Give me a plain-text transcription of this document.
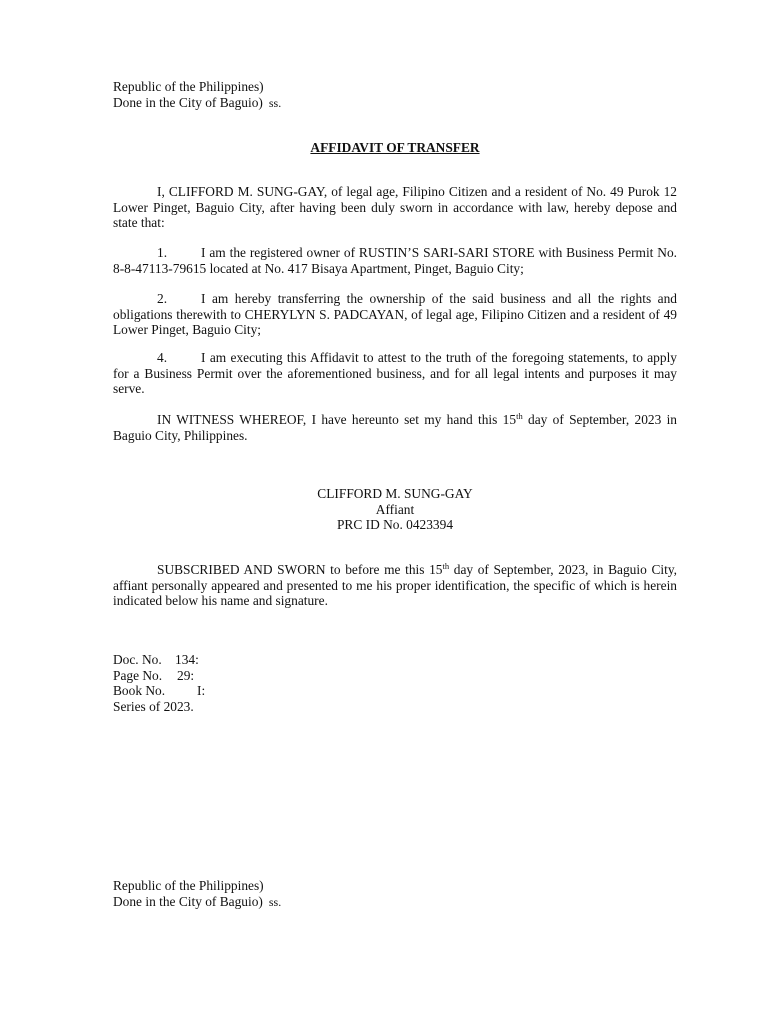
Republic of the Philippines)
Done in the City of Baguio) ss.
AFFIDAVIT OF TRANSFER
I, CLIFFORD M. SUNG-GAY, of legal age, Filipino Citizen and a resident of No. 49 Purok 12 Lower Pinget, Baguio City, after having been duly sworn in accordance with law, hereby depose and state that:
1.	I am the registered owner of RUSTIN’S SARI-SARI STORE with Business Permit No. 8-8-47113-79615 located at No. 417 Bisaya Apartment, Pinget, Baguio City;
2.	I am hereby transferring the ownership of the said business and all the rights and obligations therewith to CHERYLYN S. PADCAYAN, of legal age, Filipino Citizen and a resident of 49 Lower Pinget, Baguio City;
4.	I am executing this Affidavit to attest to the truth of the foregoing statements, to apply for a Business Permit over the aforementioned business, and for all legal intents and purposes it may serve.
IN WITNESS WHEREOF, I have hereunto set my hand this 15th day of September, 2023 in Baguio City, Philippines.
CLIFFORD M. SUNG-GAY
Affiant
PRC ID No. 0423394
SUBSCRIBED AND SWORN to before me this 15th day of September, 2023, in Baguio City, affiant personally appeared and presented to me his proper identification, the specific of which is herein indicated below his name and signature.
Doc. No. 134:
Page No. 29:
Book No. I:
Series of 2023.
Republic of the Philippines)
Done in the City of Baguio) ss.
